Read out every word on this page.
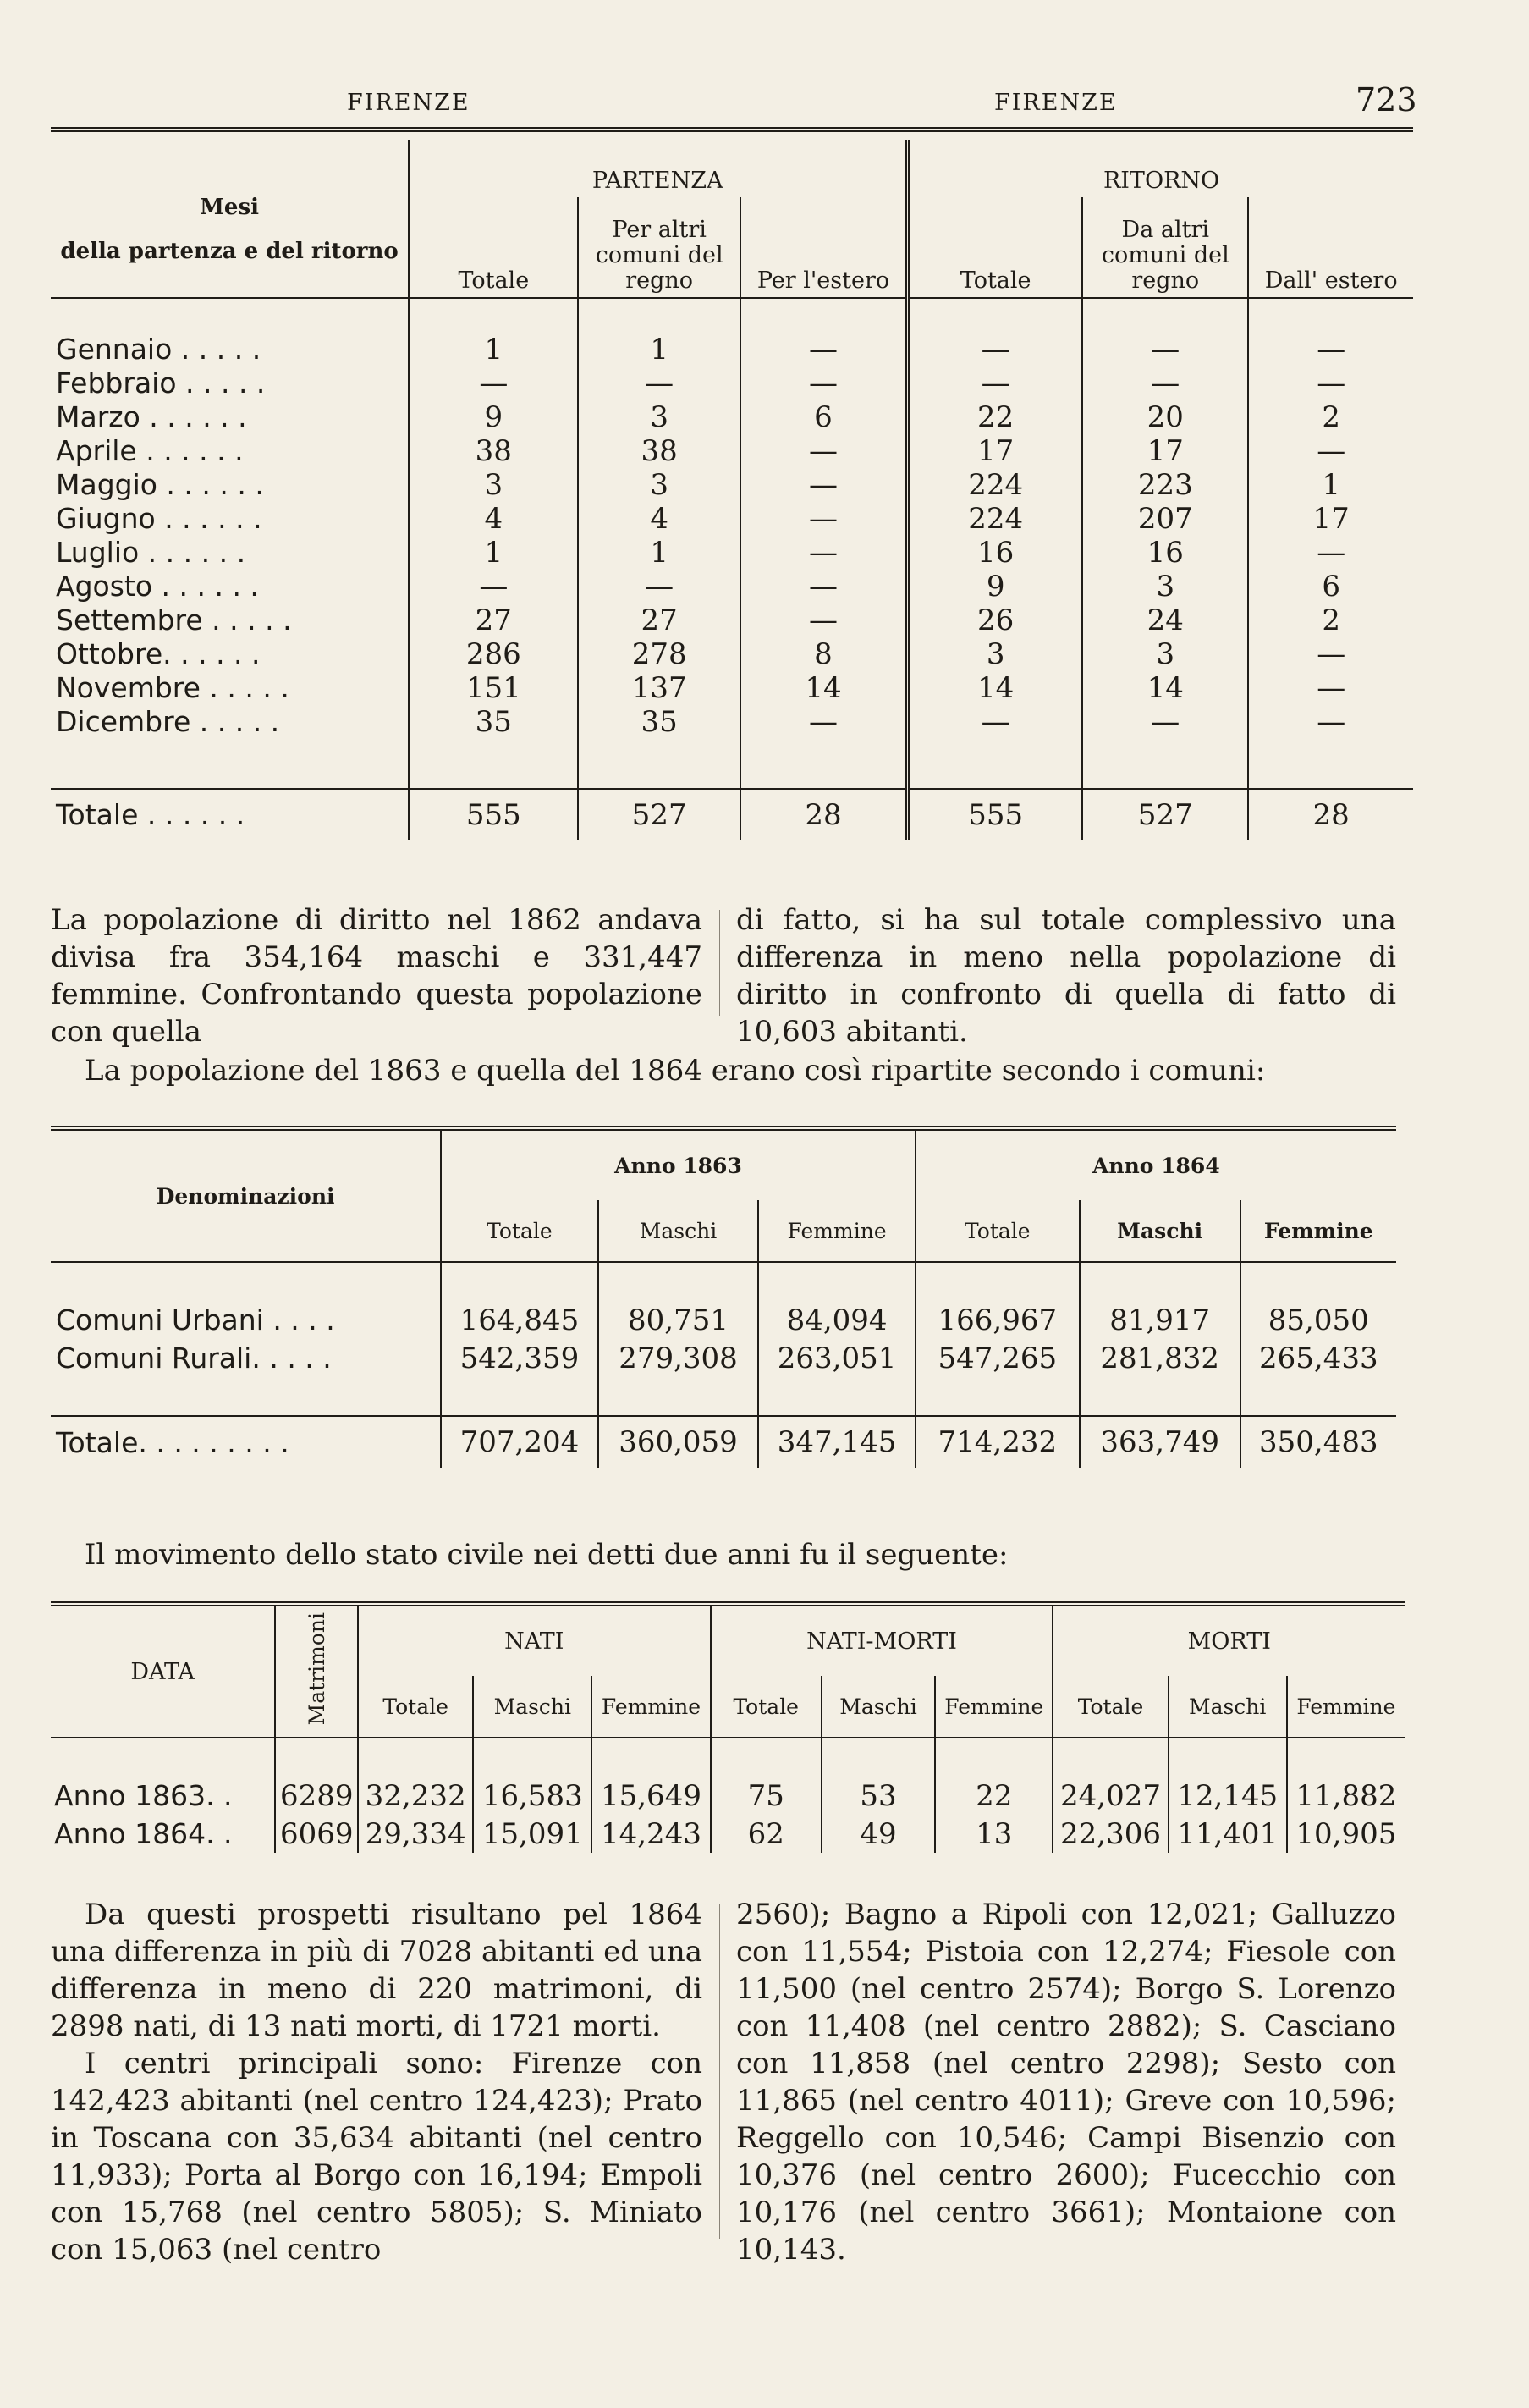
FIRENZE	FIRENZE	723
Mesi
della partenza e del ritorno	PARTENZA			RITORNO		
	Totale	Per altri comuni del regno	Per l'estero	Totale	Da altri comuni del regno	Dall' estero

Gennaio . . . . .	1	1	—	—	—	—
Febbraio . . . . .	—	—	—	—	—	—
Marzo . . . . . .	9	3	6	22	20	2
Aprile . . . . . .	38	38	—	17	17	—
Maggio . . . . . .	3	3	—	224	223	1
Giugno . . . . . .	4	4	—	224	207	17
Luglio . . . . . .	1	1	—	16	16	—
Agosto . . . . . .	—	—	—	9	3	6
Settembre . . . . .	27	27	—	26	24	2
Ottobre. . . . . .	286	278	8	3	3	—
Novembre . . . . .	151	137	14	14	14	—
Dicembre . . . . .	35	35	—	—	—	—

Totale . . . . . .	555	527	28	555	527	28
La popolazione di diritto nel 1862 andava divisa fra 354,164 maschi e 331,447 femmine. Confrontando questa popolazione con quella
di fatto, si ha sul totale complessivo una differenza in meno nella popolazione di diritto in confronto di quella di fatto di 10,603 abitanti.
La popolazione del 1863 e quella del 1864 erano così ripartite secondo i comuni:
Denominazioni	Anno 1863			Anno 1864		
	Totale	Maschi	Femmine	Totale	Maschi	Femmine

Comuni Urbani . . . .	164,845	80,751	84,094	166,967	81,917	85,050
Comuni Rurali. . . . .	542,359	279,308	263,051	547,265	281,832	265,433

Totale. . . . . . . . .	707,204	360,059	347,145	714,232	363,749	350,483
Il movimento dello stato civile nei detti due anni fu il seguente:
DATA	Matrimoni	NATI			NATI-MORTI			MORTI		
		Totale	Maschi	Femmine	Totale	Maschi	Femmine	Totale	Maschi	Femmine

Anno 1863. .	6289	32,232	16,583	15,649	75	53	22	24,027	12,145	11,882
Anno 1864. .	6069	29,334	15,091	14,243	62	49	13	22,306	11,401	10,905
Da questi prospetti risultano pel 1864 una differenza in più di 7028 abitanti ed una differenza in meno di 220 matrimoni, di 2898 nati, di 13 nati morti, di 1721 morti.
I centri principali sono: Firenze con 142,423 abitanti (nel centro 124,423); Prato in Toscana con 35,634 abitanti (nel centro 11,933); Porta al Borgo con 16,194; Empoli con 15,768 (nel centro 5805); S. Miniato con 15,063 (nel centro
2560); Bagno a Ripoli con 12,021; Galluzzo con 11,554; Pistoia con 12,274; Fiesole con 11,500 (nel centro 2574); Borgo S. Lorenzo con 11,408 (nel centro 2882); S. Casciano con 11,858 (nel centro 2298); Sesto con 11,865 (nel centro 4011); Greve con 10,596; Reggello con 10,546; Campi Bisenzio con 10,376 (nel centro 2600); Fucecchio con 10,176 (nel centro 3661); Montaione con 10,143.
